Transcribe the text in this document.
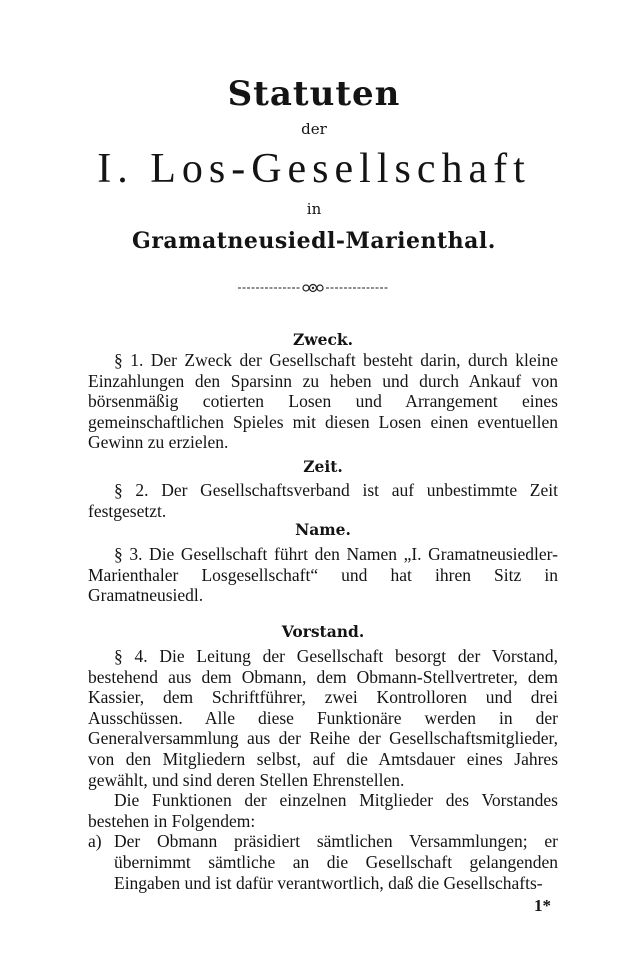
Statuten
der
I. Los-Gesellschaft
in
Gramatneusiedl-Marienthal.
Zweck.

§ 1. Der Zweck der Gesellschaft besteht darin, durch kleine Einzahlungen den Sparsinn zu heben und durch Ankauf von börsenmäßig cotierten Losen und Arrangement eines gemeinschaftlichen Spieles mit diesen Losen einen eventuellen Gewinn zu erzielen.

Zeit.

§ 2. Der Gesellschaftsverband ist auf unbestimmte Zeit festgesetzt.

Name.

§ 3. Die Gesellschaft führt den Namen „I. Gramatneusiedler-Marienthaler Losgesellschaft“ und hat ihren Sitz in Gramatneusiedl.

Vorstand.

§ 4. Die Leitung der Gesellschaft besorgt der Vorstand, bestehend aus dem Obmann, dem Obmann-Stellvertreter, dem Kassier, dem Schriftführer, zwei Kontrolloren und drei Ausschüssen. Alle diese Funktionäre werden in der Generalversammlung aus der Reihe der Gesellschaftsmitglieder, von den Mitgliedern selbst, auf die Amtsdauer eines Jahres gewählt, und sind deren Stellen Ehrenstellen.

Die Funktionen der einzelnen Mitglieder des Vorstandes bestehen in Folgendem:

a) Der Obmann präsidiert sämtlichen Versammlungen; er übernimmt sämtliche an die Gesellschaft gelangenden Eingaben und ist dafür verantwortlich, daß die Gesellschafts-

1*
